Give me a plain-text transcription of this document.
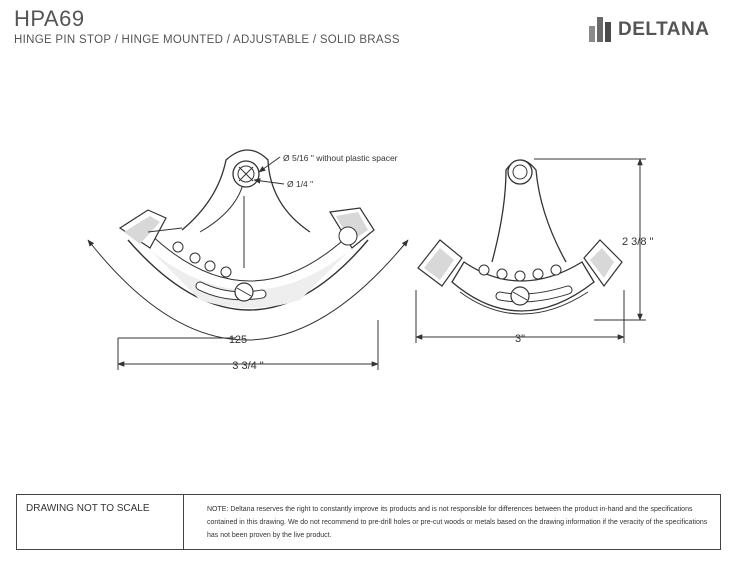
HPA69
HINGE PIN STOP / HINGE MOUNTED / ADJUSTABLE / SOLID BRASS	DELTANA
Ø 5/16 " without plastic spacer
Ø 1/4 "
125
3 3/4 "
3"
2 3/8 "
DRAWING NOT TO SCALE	NOTE: Deltana reserves the right to constantly improve its products and is not responsible for differences between the product in-hand and the specifications contained in this drawing. We do not recommend to pre-drill holes or pre-cut woods or metals based on the drawing information if the veracity of the specifications has not been proven by the live product.
